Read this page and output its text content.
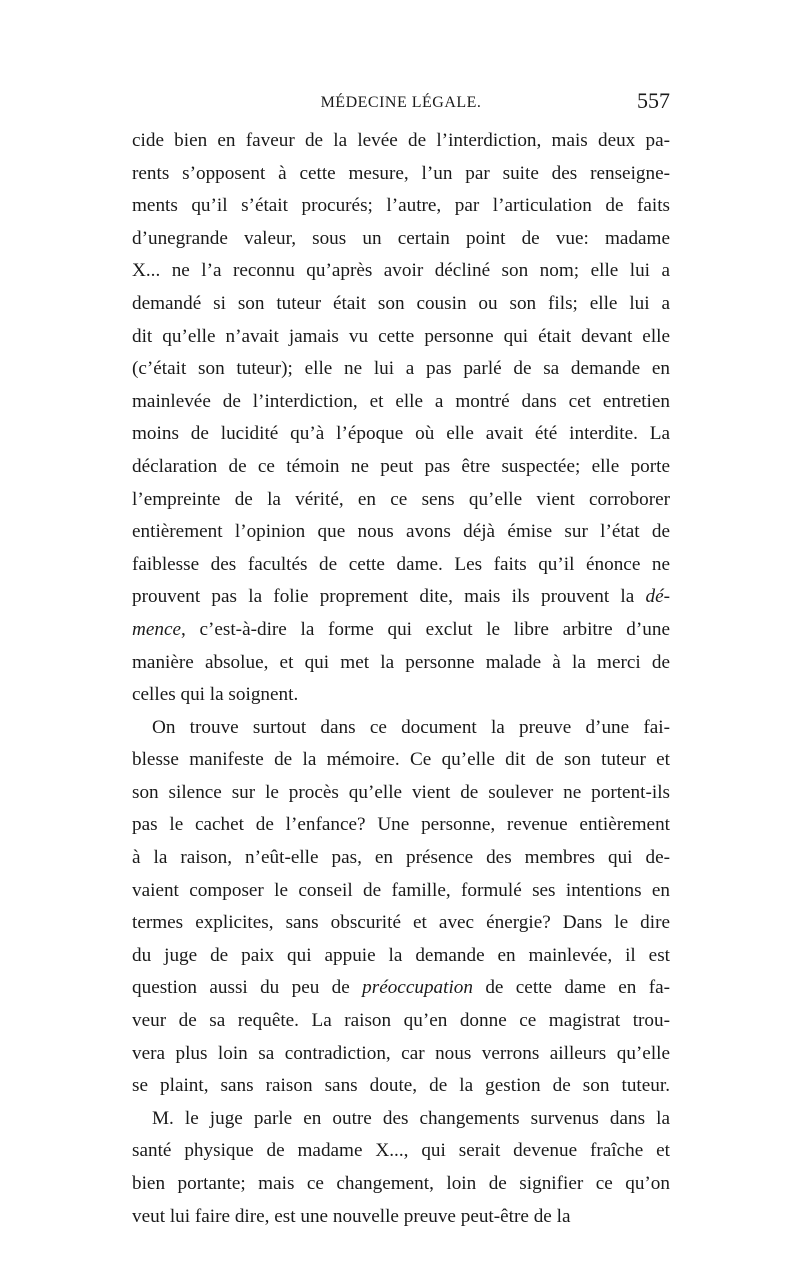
MÉDECINE LÉGALE.	557
cide bien en faveur de la levée de l’interdiction, mais deux pa-
rents s’opposent à cette mesure, l’un par suite des renseigne-
ments qu’il s’était procurés; l’autre, par l’articulation de faits
d’unegrande valeur, sous un certain point de vue: madame
X... ne l’a reconnu qu’après avoir décliné son nom; elle lui a
demandé si son tuteur était son cousin ou son fils; elle lui a
dit qu’elle n’avait jamais vu cette personne qui était devant elle
(c’était son tuteur); elle ne lui a pas parlé de sa demande en
mainlevée de l’interdiction, et elle a montré dans cet entretien
moins de lucidité qu’à l’époque où elle avait été interdite. La
déclaration de ce témoin ne peut pas être suspectée; elle porte
l’empreinte de la vérité, en ce sens qu’elle vient corroborer
entièrement l’opinion que nous avons déjà émise sur l’état de
faiblesse des facultés de cette dame. Les faits qu’il énonce ne
prouvent pas la folie proprement dite, mais ils prouvent la dé-
mence, c’est-à-dire la forme qui exclut le libre arbitre d’une
manière absolue, et qui met la personne malade à la merci de
celles qui la soignent.
On trouve surtout dans ce document la preuve d’une fai-
blesse manifeste de la mémoire. Ce qu’elle dit de son tuteur et
son silence sur le procès qu’elle vient de soulever ne portent-ils
pas le cachet de l’enfance? Une personne, revenue entièrement
à la raison, n’eût-elle pas, en présence des membres qui de-
vaient composer le conseil de famille, formulé ses intentions en
termes explicites, sans obscurité et avec énergie? Dans le dire
du juge de paix qui appuie la demande en mainlevée, il est
question aussi du peu de préoccupation de cette dame en fa-
veur de sa requête. La raison qu’en donne ce magistrat trou-
vera plus loin sa contradiction, car nous verrons ailleurs qu’elle
se plaint, sans raison sans doute, de la gestion de son tuteur.
M. le juge parle en outre des changements survenus dans la
santé physique de madame X..., qui serait devenue fraîche et
bien portante; mais ce changement, loin de signifier ce qu’on
veut lui faire dire, est une nouvelle preuve peut-être de la
